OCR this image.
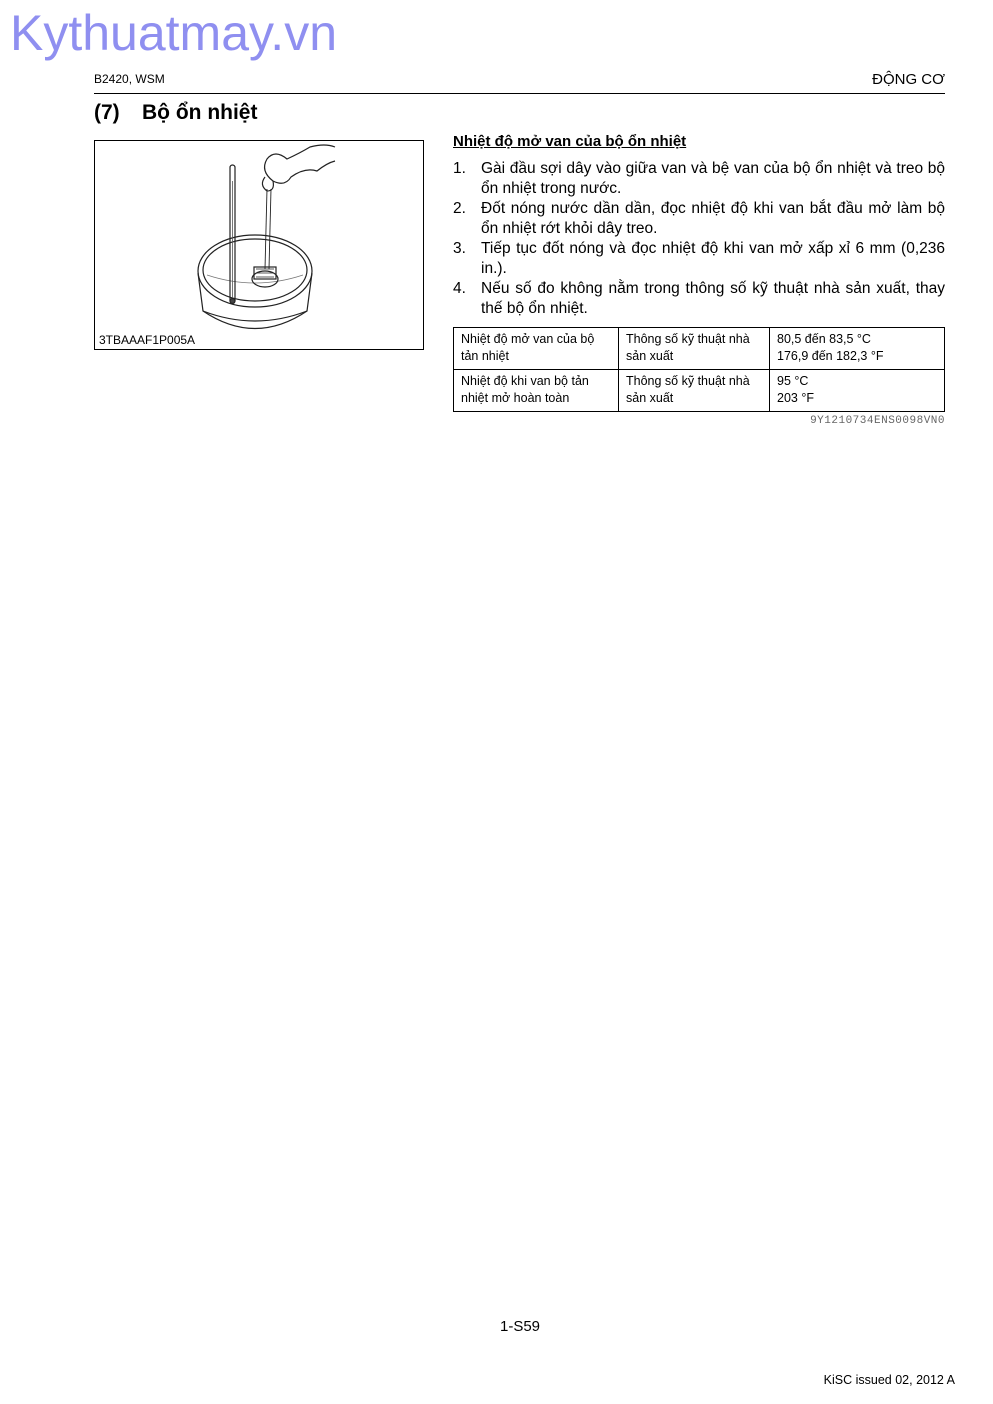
Kythuatmay.vn
B2420, WSM	ĐỘNG CƠ
(7) Bộ ổn nhiệt
3TBAAAF1P005A
Nhiệt độ mở van của bộ ổn nhiệt
1. Gài đầu sợi dây vào giữa van và bệ van của bộ ổn nhiệt và treo bộ ổn nhiệt trong nước.
2. Đốt nóng nước dần dần, đọc nhiệt độ khi van bắt đầu mở làm bộ ổn nhiệt rớt khỏi dây treo.
3. Tiếp tục đốt nóng và đọc nhiệt độ khi van mở xấp xỉ 6 mm (0,236 in.).
4. Nếu số đo không nằm trong thông số kỹ thuật nhà sản xuất, thay thế bộ ổn nhiệt.
Nhiệt độ mở van của bộ tản nhiệt	Thông số kỹ thuật nhà sản xuất	80,5 đến 83,5 °C
176,9 đến 182,3 °F

Nhiệt độ khi van bộ tản nhiệt mở hoàn toàn	Thông số kỹ thuật nhà sản xuất	95 °C
203 °F
9Y1210734ENS0098VN0
1-S59
KiSC issued 02, 2012 A
